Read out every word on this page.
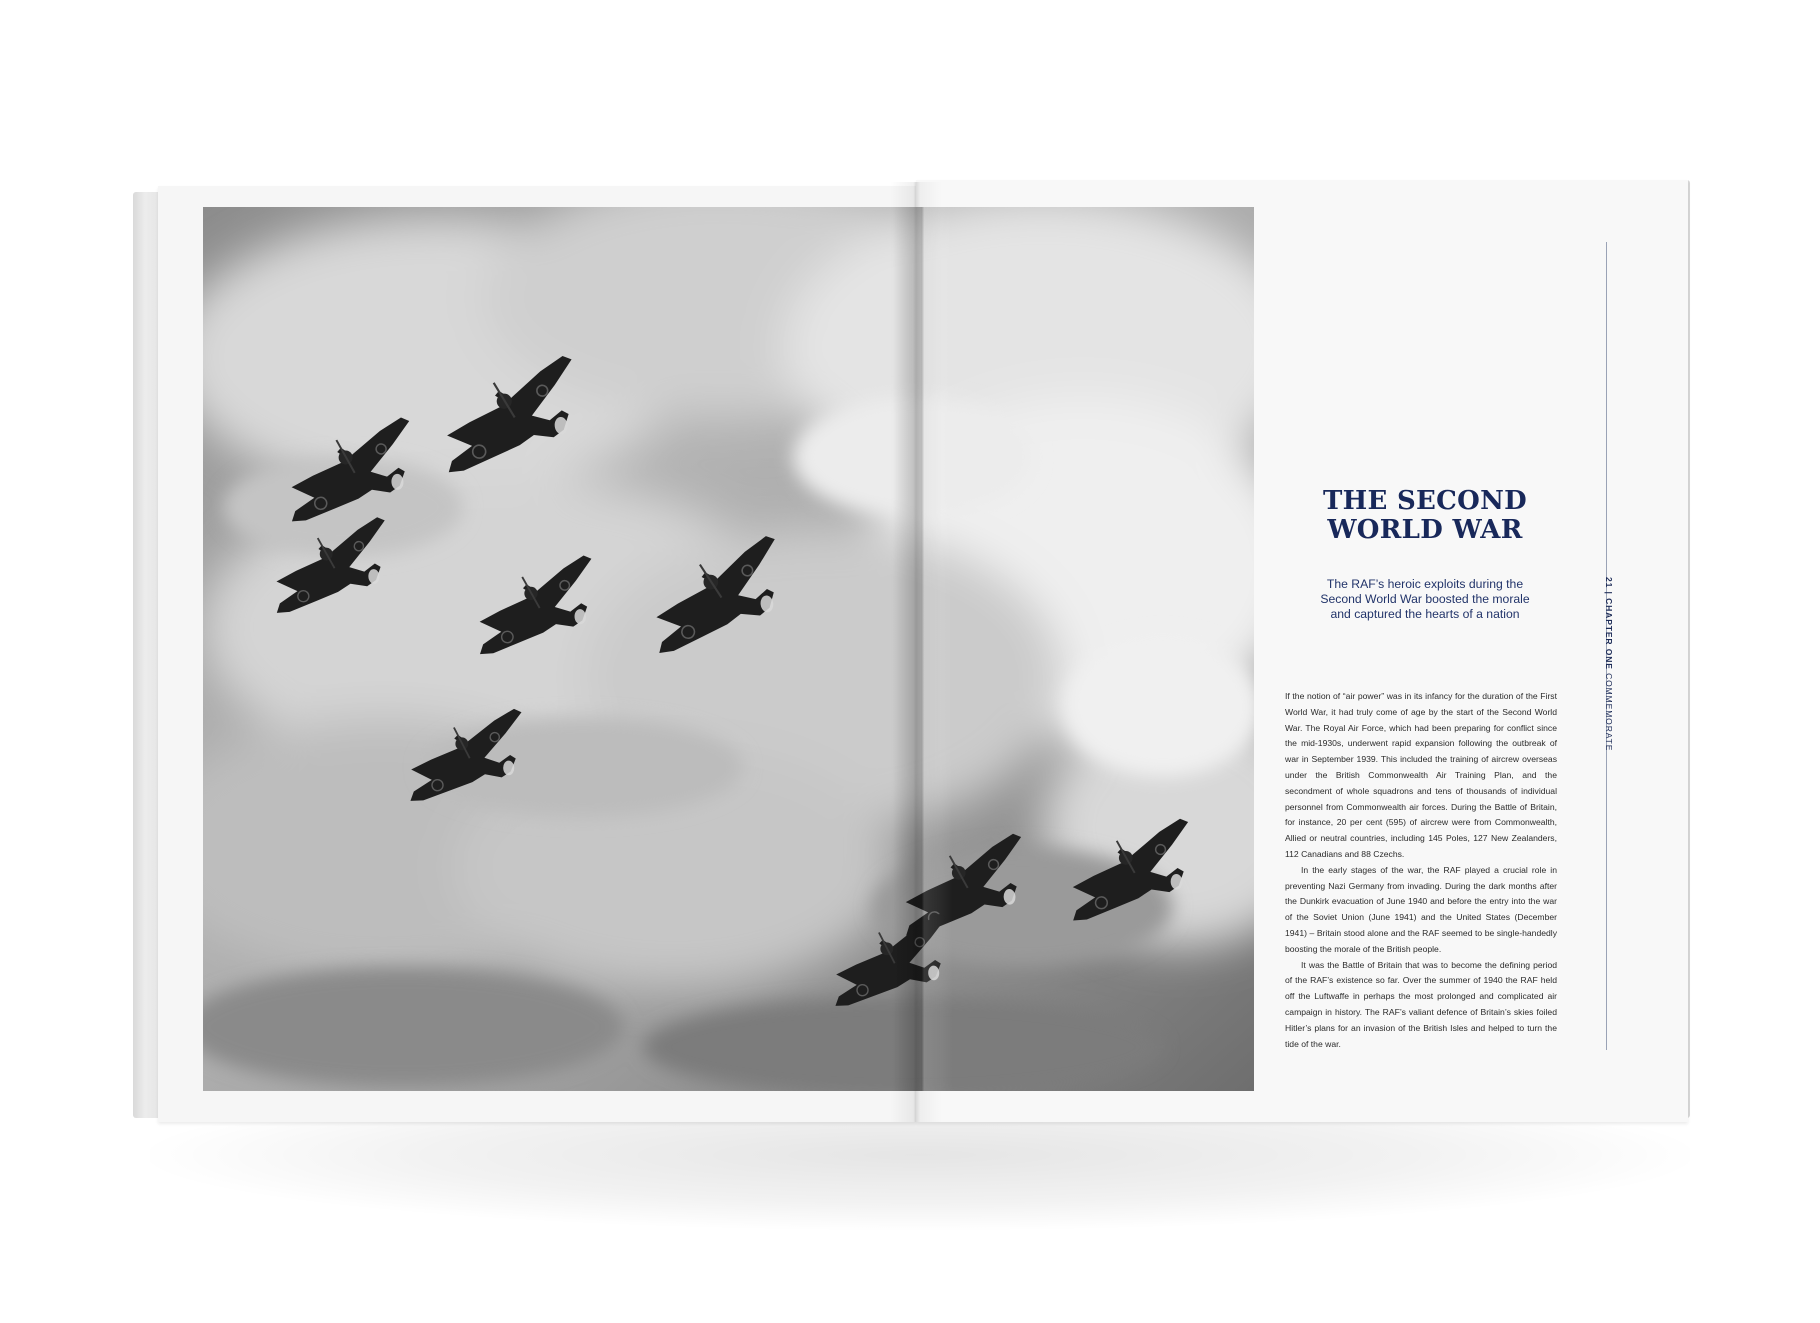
THE SECOND
WORLD WAR
The RAF’s heroic exploits during the
Second World War boosted the morale
and captured the hearts of a nation

If the notion of “air power” was in its infancy for the duration of the First World War, it had truly come of age by the start of the Second World War. The Royal Air Force, which had been preparing for conflict since the mid-1930s, underwent rapid expansion following the outbreak of war in September 1939. This included the training of aircrew overseas under the British Commonwealth Air Training Plan, and the secondment of whole squadrons and tens of thousands of individual personnel from Commonwealth air forces. During the Battle of Britain, for instance, 20 per cent (595) of aircrew were from Commonwealth, Allied or neutral countries, including 145 Poles, 127 New Zealanders, 112 Canadians and 88 Czechs.

In the early stages of the war, the RAF played a crucial role in preventing Nazi Germany from invading. During the dark months after the Dunkirk evacuation of June 1940 and before the entry into the war of the Soviet Union (June 1941) and the United States (December 1941) – Britain stood alone and the RAF seemed to be single-handedly boosting the morale of the British people.

It was the Battle of Britain that was to become the defining period of the RAF’s existence so far. Over the summer of 1940 the RAF held off the Luftwaffe in perhaps the most prolonged and complicated air campaign in history. The RAF’s valiant defence of Britain’s skies foiled Hitler’s plans for an invasion of the British Isles and helped to turn the tide of the war.

21 | CHAPTER ONE COMMEMORATE
